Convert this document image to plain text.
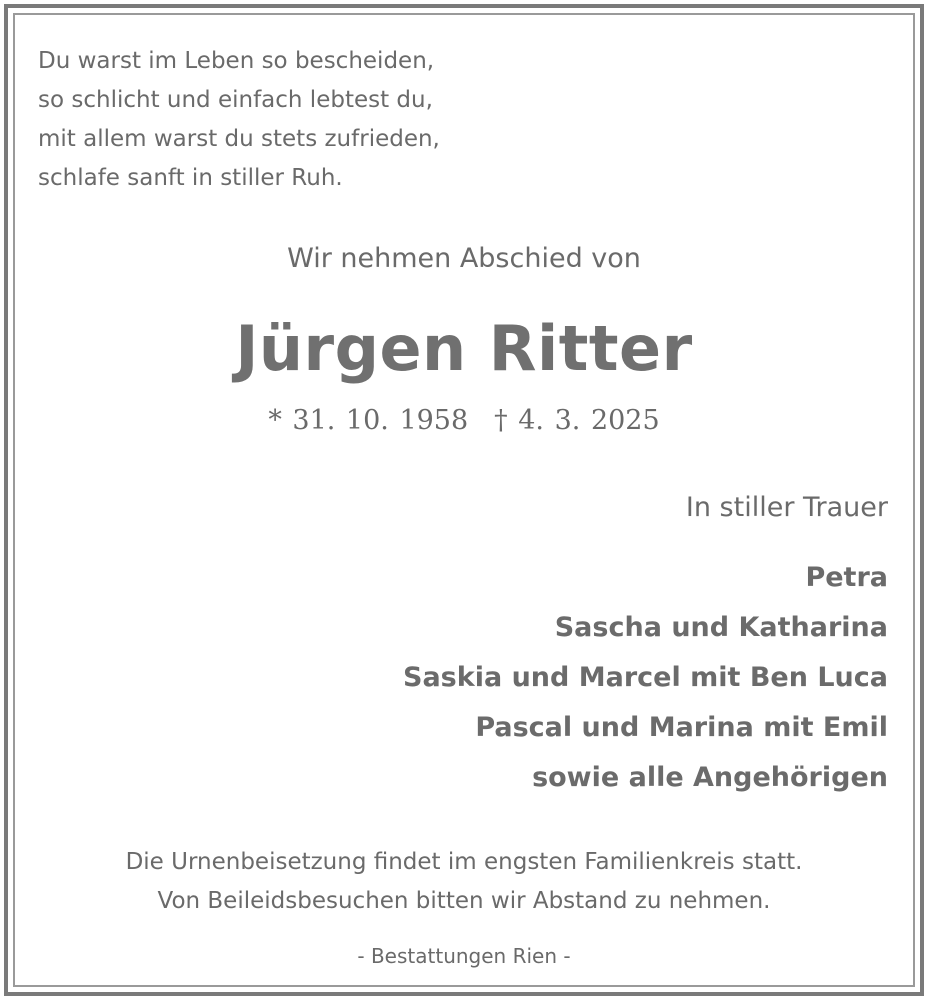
Du warst im Leben so bescheiden,
so schlicht und einfach lebtest du,
mit allem warst du stets zufrieden,
schlafe sanft in stiller Ruh.
Wir nehmen Abschied von
Jürgen Ritter
* 31. 10. 1958 † 4. 3. 2025
In stiller Trauer
Petra
Sascha und Katharina
Saskia und Marcel mit Ben Luca
Pascal und Marina mit Emil
sowie alle Angehörigen
Die Urnenbeisetzung findet im engsten Familienkreis statt.
Von Beileidsbesuchen bitten wir Abstand zu nehmen.
- Bestattungen Rien -
